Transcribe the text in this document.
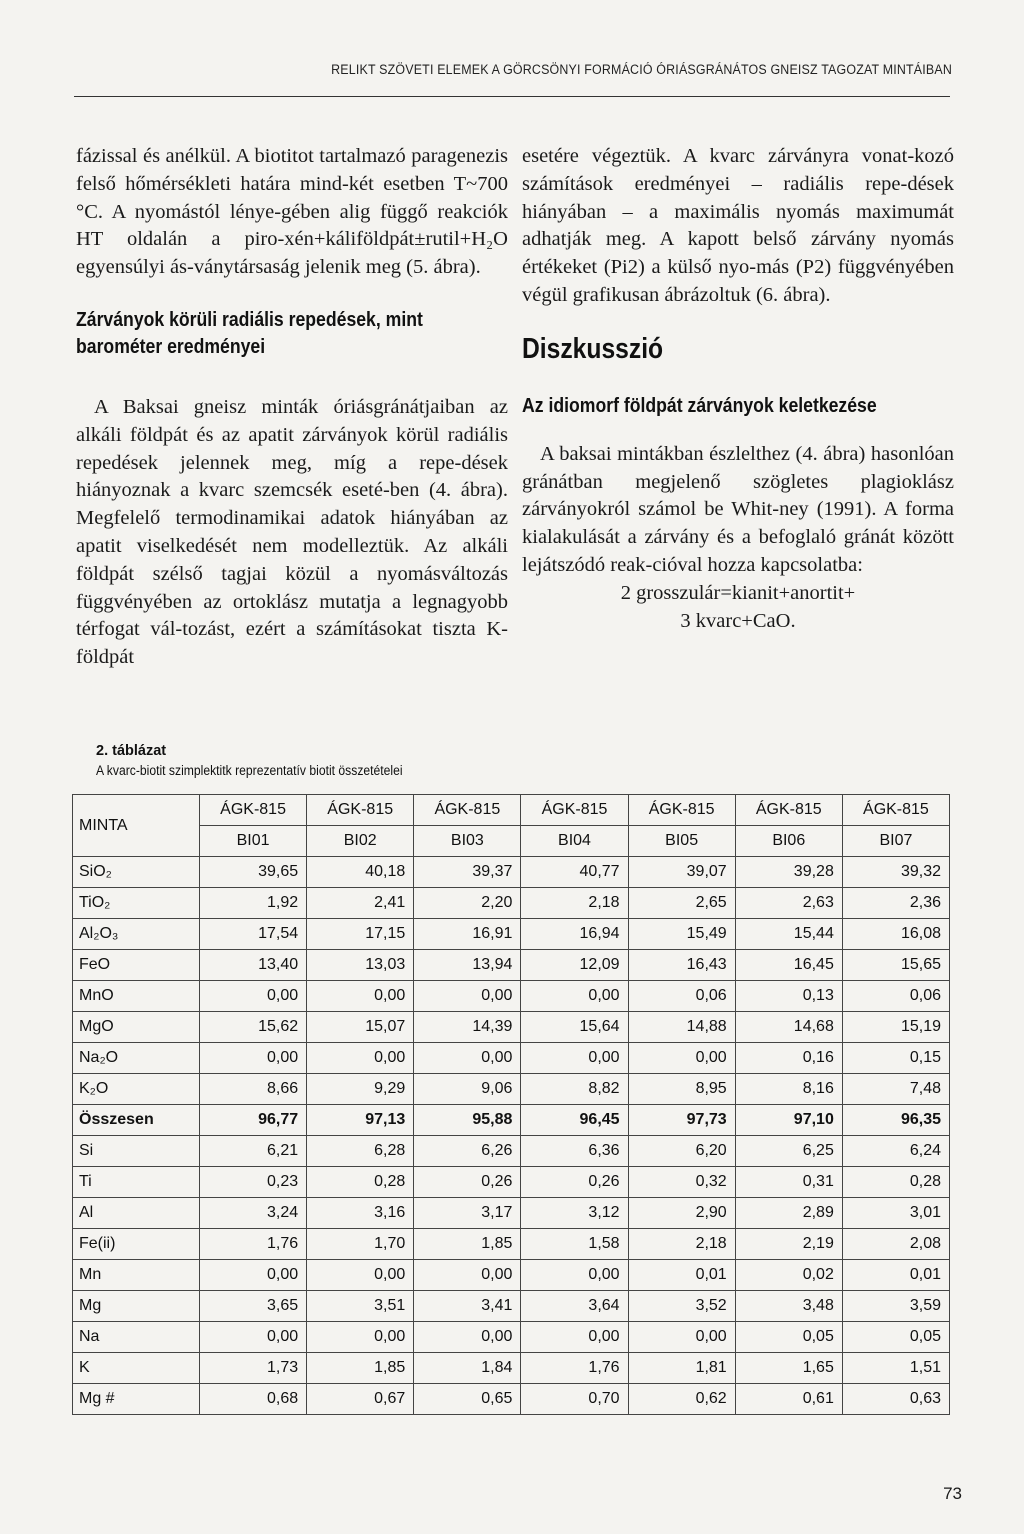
RELIKT SZÖVETI ELEMEK A GÖRCSÖNYI FORMÁCIÓ ÓRIÁSGRÁNÁTOS GNEISZ TAGOZAT MINTÁIBAN

fázissal és anélkül. A biotitot tartalmazó paragenezis felső hőmérsékleti határa mind-két esetben T~700 °C. A nyomástól lénye-gében alig függő reakciók HT oldalán a piro-xén+káliföldpát±rutil+H₂O egyensúlyi ás-ványtársaság jelenik meg (5. ábra).

Zárványok körüli radiális repedések, mint
barométer eredményei

A Baksai gneisz minták óriásgránátjaiban az alkáli földpát és az apatit zárványok körül radiális repedések jelennek meg, míg a repe-dések hiányoznak a kvarc szemcsék eseté-ben (4. ábra). Megfelelő termodinamikai adatok hiányában az apatit viselkedését nem modelleztük. Az alkáli földpát szélső tagjai közül a nyomásváltozás függvényében az ortoklász mutatja a legnagyobb térfogat vál-tozást, ezért a számításokat tiszta K-földpát

esetére végeztük. A kvarc zárványra vonat-kozó számítások eredményei – radiális repe-dések hiányában – a maximális nyomás maximumát adhatják meg. A kapott belső zárvány nyomás értékeket (Pi2) a külső nyo-más (P2) függvényében végül grafikusan ábrázoltuk (6. ábra).

Diszkusszió
Az idiomorf földpát zárványok keletkezése

A baksai mintákban észlelthez (4. ábra) hasonlóan gránátban megjelenő szögletes plagioklász zárványokról számol be Whit-ney (1991). A forma kialakulását a zárvány és a befoglaló gránát között lejátszódó reak-cióval hozza kapcsolatba:

2 grosszulár=kianit+anortit+

3 kvarc+CaO.

2. táblázat
A kvarc-biotit szimplektitk reprezentatív biotit összetételei
MINTA	ÁGK-815	ÁGK-815	ÁGK-815	ÁGK-815	ÁGK-815	ÁGK-815	ÁGK-815
	BI01	BI02	BI03	BI04	BI05	BI06	BI07
SiO₂	39,65	40,18	39,37	40,77	39,07	39,28	39,32
TiO₂	1,92	2,41	2,20	2,18	2,65	2,63	2,36
Al₂O₃	17,54	17,15	16,91	16,94	15,49	15,44	16,08
FeO	13,40	13,03	13,94	12,09	16,43	16,45	15,65
MnO	0,00	0,00	0,00	0,00	0,06	0,13	0,06
MgO	15,62	15,07	14,39	15,64	14,88	14,68	15,19
Na₂O	0,00	0,00	0,00	0,00	0,00	0,16	0,15
K₂O	8,66	9,29	9,06	8,82	8,95	8,16	7,48
Összesen	96,77	97,13	95,88	96,45	97,73	97,10	96,35
Si	6,21	6,28	6,26	6,36	6,20	6,25	6,24
Ti	0,23	0,28	0,26	0,26	0,32	0,31	0,28
Al	3,24	3,16	3,17	3,12	2,90	2,89	3,01
Fe(ii)	1,76	1,70	1,85	1,58	2,18	2,19	2,08
Mn	0,00	0,00	0,00	0,00	0,01	0,02	0,01
Mg	3,65	3,51	3,41	3,64	3,52	3,48	3,59
Na	0,00	0,00	0,00	0,00	0,00	0,05	0,05
K	1,73	1,85	1,84	1,76	1,81	1,65	1,51
Mg #	0,68	0,67	0,65	0,70	0,62	0,61	0,63
73
